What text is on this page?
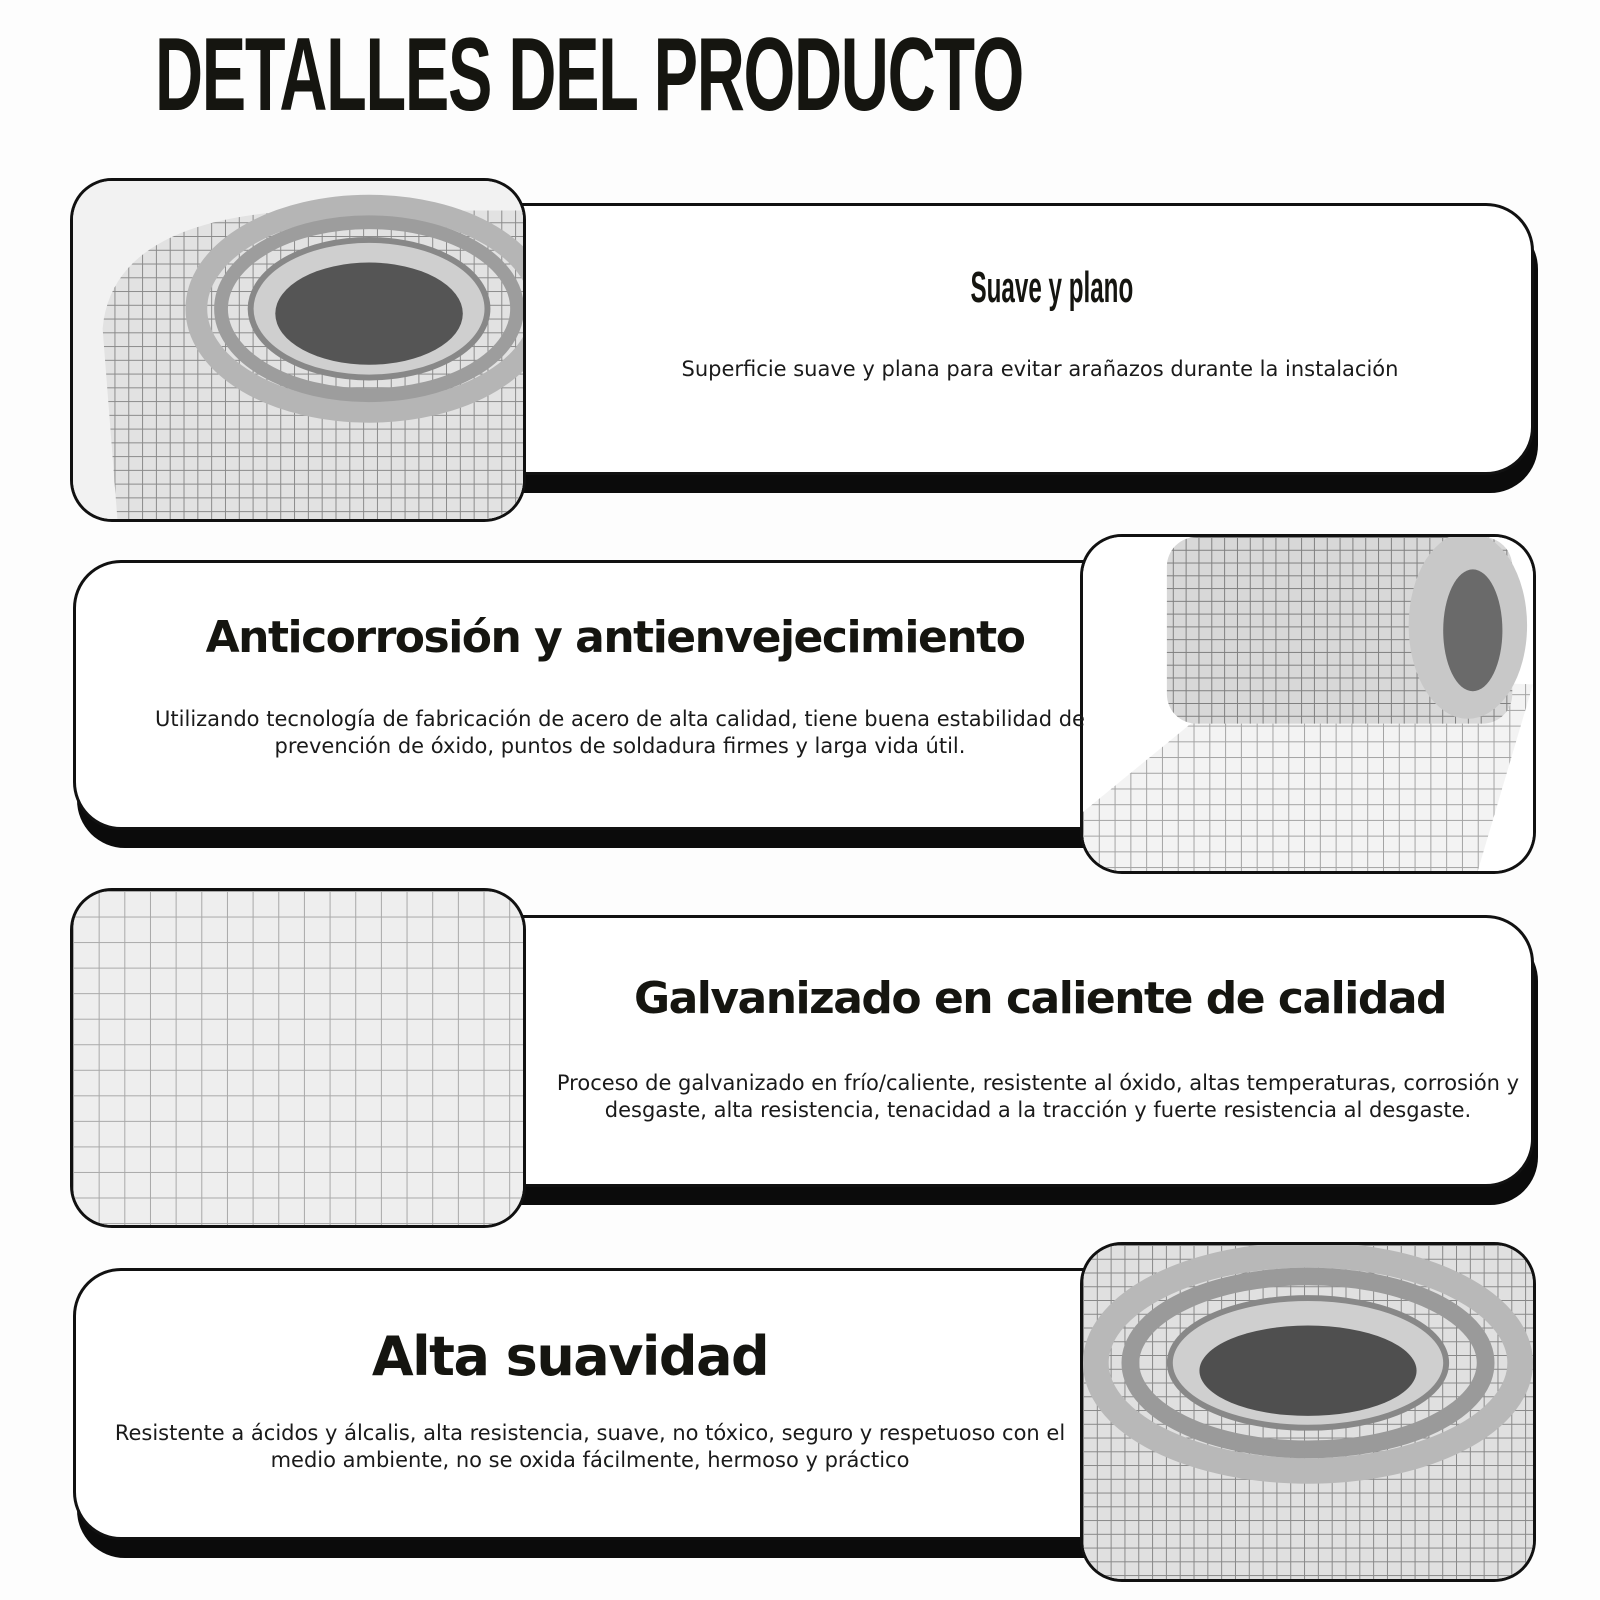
DETALLES DEL PRODUCTO
Suave y plano
Superficie suave y plana para evitar arañazos durante la instalación
Anticorrosión y antienvejecimiento
Utilizando tecnología de fabricación de acero de alta calidad, tiene buena estabilidad de prevención de óxido, puntos de soldadura firmes y larga vida útil.
Galvanizado en caliente de calidad
Proceso de galvanizado en frío/caliente, resistente al óxido, altas temperaturas, corrosión y desgaste, alta resistencia, tenacidad a la tracción y fuerte resistencia al desgaste.
Alta suavidad
Resistente a ácidos y álcalis, alta resistencia, suave, no tóxico, seguro y respetuoso con el medio ambiente, no se oxida fácilmente, hermoso y práctico
